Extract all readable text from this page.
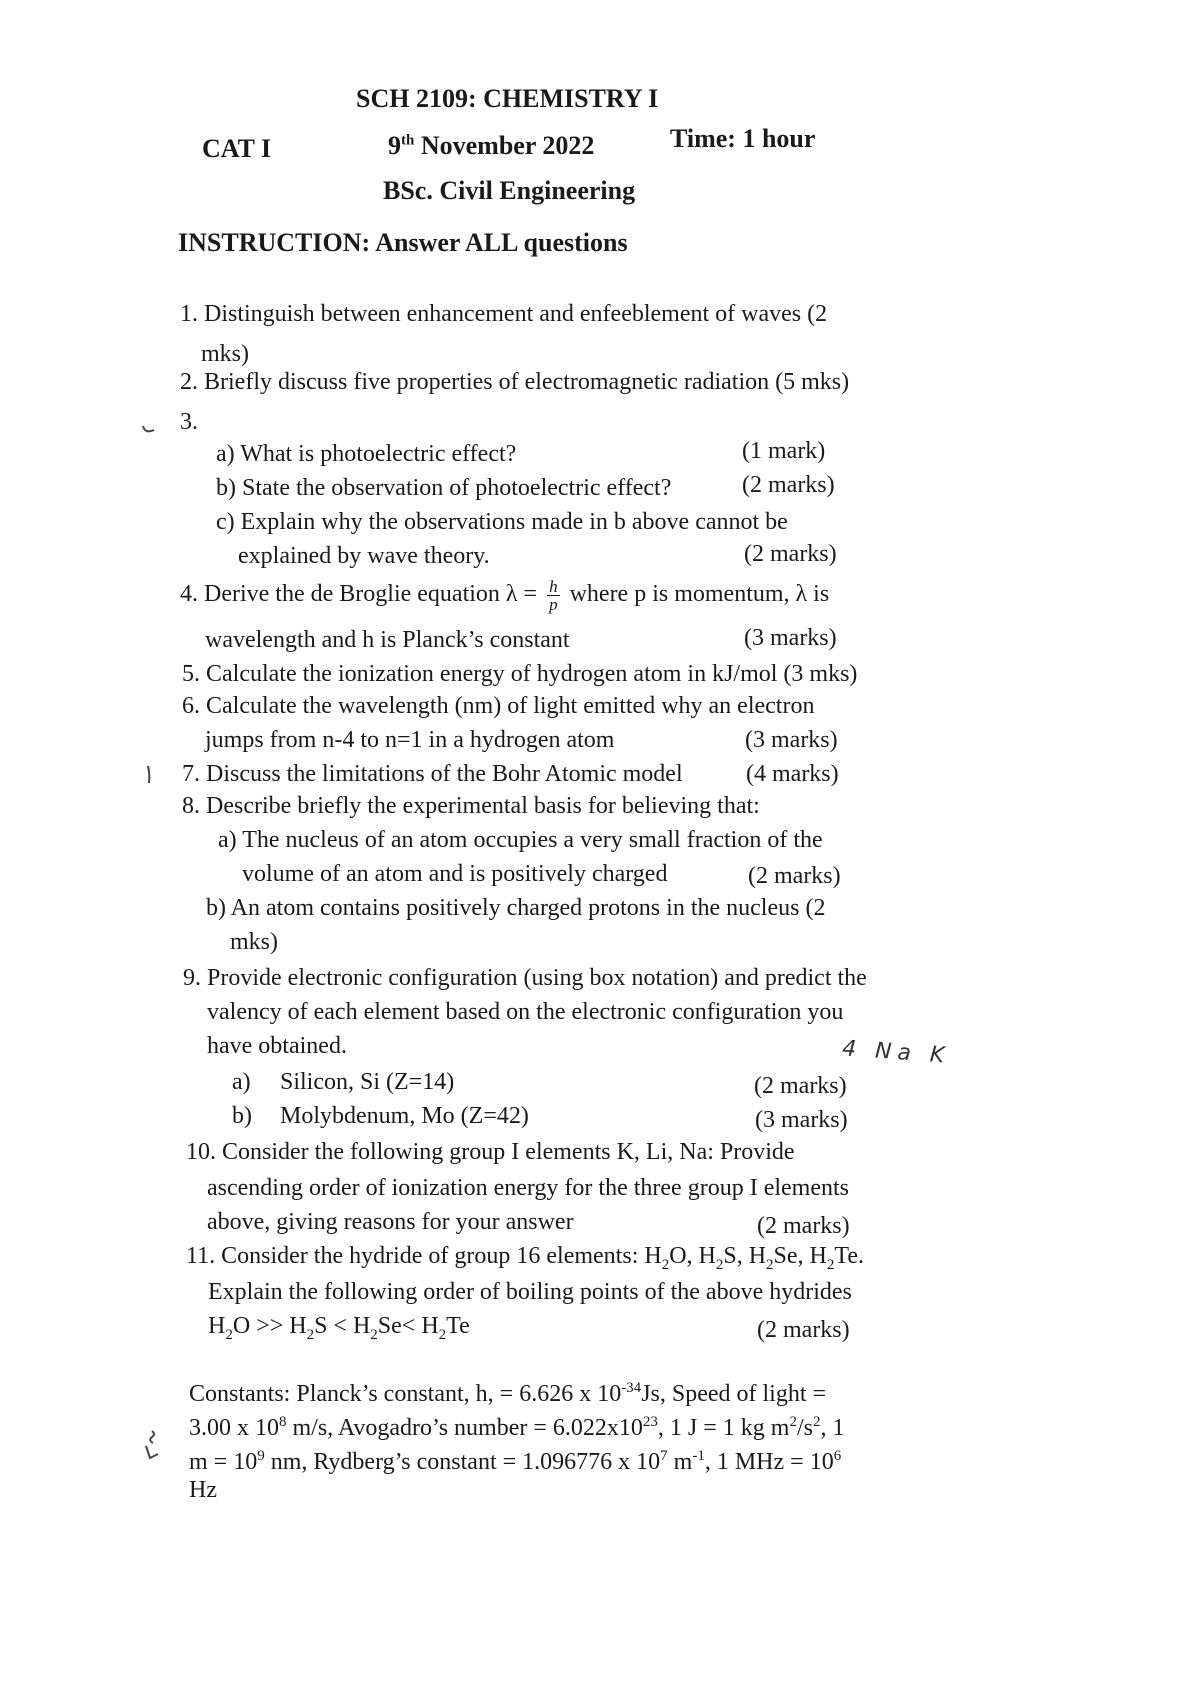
SCH 2109: CHEMISTRY I
CAT I	9th November 2022	Time: 1 hour
BSc. Civil Engineering
INSTRUCTION: Answer ALL questions
1. Distinguish between enhancement and enfeeblement of waves (2
mks)
2. Briefly discuss five properties of electromagnetic radiation (5 mks)
3.
a) What is photoelectric effect?	(1 mark)
b) State the observation of photoelectric effect?	(2 marks)
c) Explain why the observations made in b above cannot be
explained by wave theory.	(2 marks)
4. Derive the de Broglie equation $\lambda = \frac{h}{p}$ where p is momentum, λ is
wavelength and h is Planck’s constant	(3 marks)
5. Calculate the ionization energy of hydrogen atom in kJ/mol (3 mks)
6. Calculate the wavelength (nm) of light emitted why an electron
jumps from n-4 to n=1 in a hydrogen atom	(3 marks)
7. Discuss the limitations of the Bohr Atomic model	(4 marks)
8. Describe briefly the experimental basis for believing that:
a) The nucleus of an atom occupies a very small fraction of the
volume of an atom and is positively charged	(2 marks)
b) An atom contains positively charged protons in the nucleus (2
mks)
9. Provide electronic configuration (using box notation) and predict the
valency of each element based on the electronic configuration you
have obtained.
a) Silicon, Si (Z=14)	(2 marks)
b) Molybdenum, Mo (Z=42)	(3 marks)
10. Consider the following group I elements K, Li, Na: Provide
ascending order of ionization energy for the three group I elements
above, giving reasons for your answer	(2 marks)
11. Consider the hydride of group 16 elements: $H_2O$, $H_2S$, $H_2Se$, $H_2Te$.
Explain the following order of boiling points of the above hydrides
$H_2O >> H_2S < H_2Se< H_2Te$	(2 marks)
Constants: Planck’s constant, h, = 6.626 x $10^{-34}Js$, Speed of light =
3.00 x $10^8$ m/s, Avogadro’s number = $6.022x10^{23}$, 1 J = 1 kg $m^2/s^2$, 1
$m = 10^9$ nm, Rydberg’s constant = 1.096776 x $10^7$ $m^{-1}$, 1 MHz = $10^6$
Hz
4 Na K
